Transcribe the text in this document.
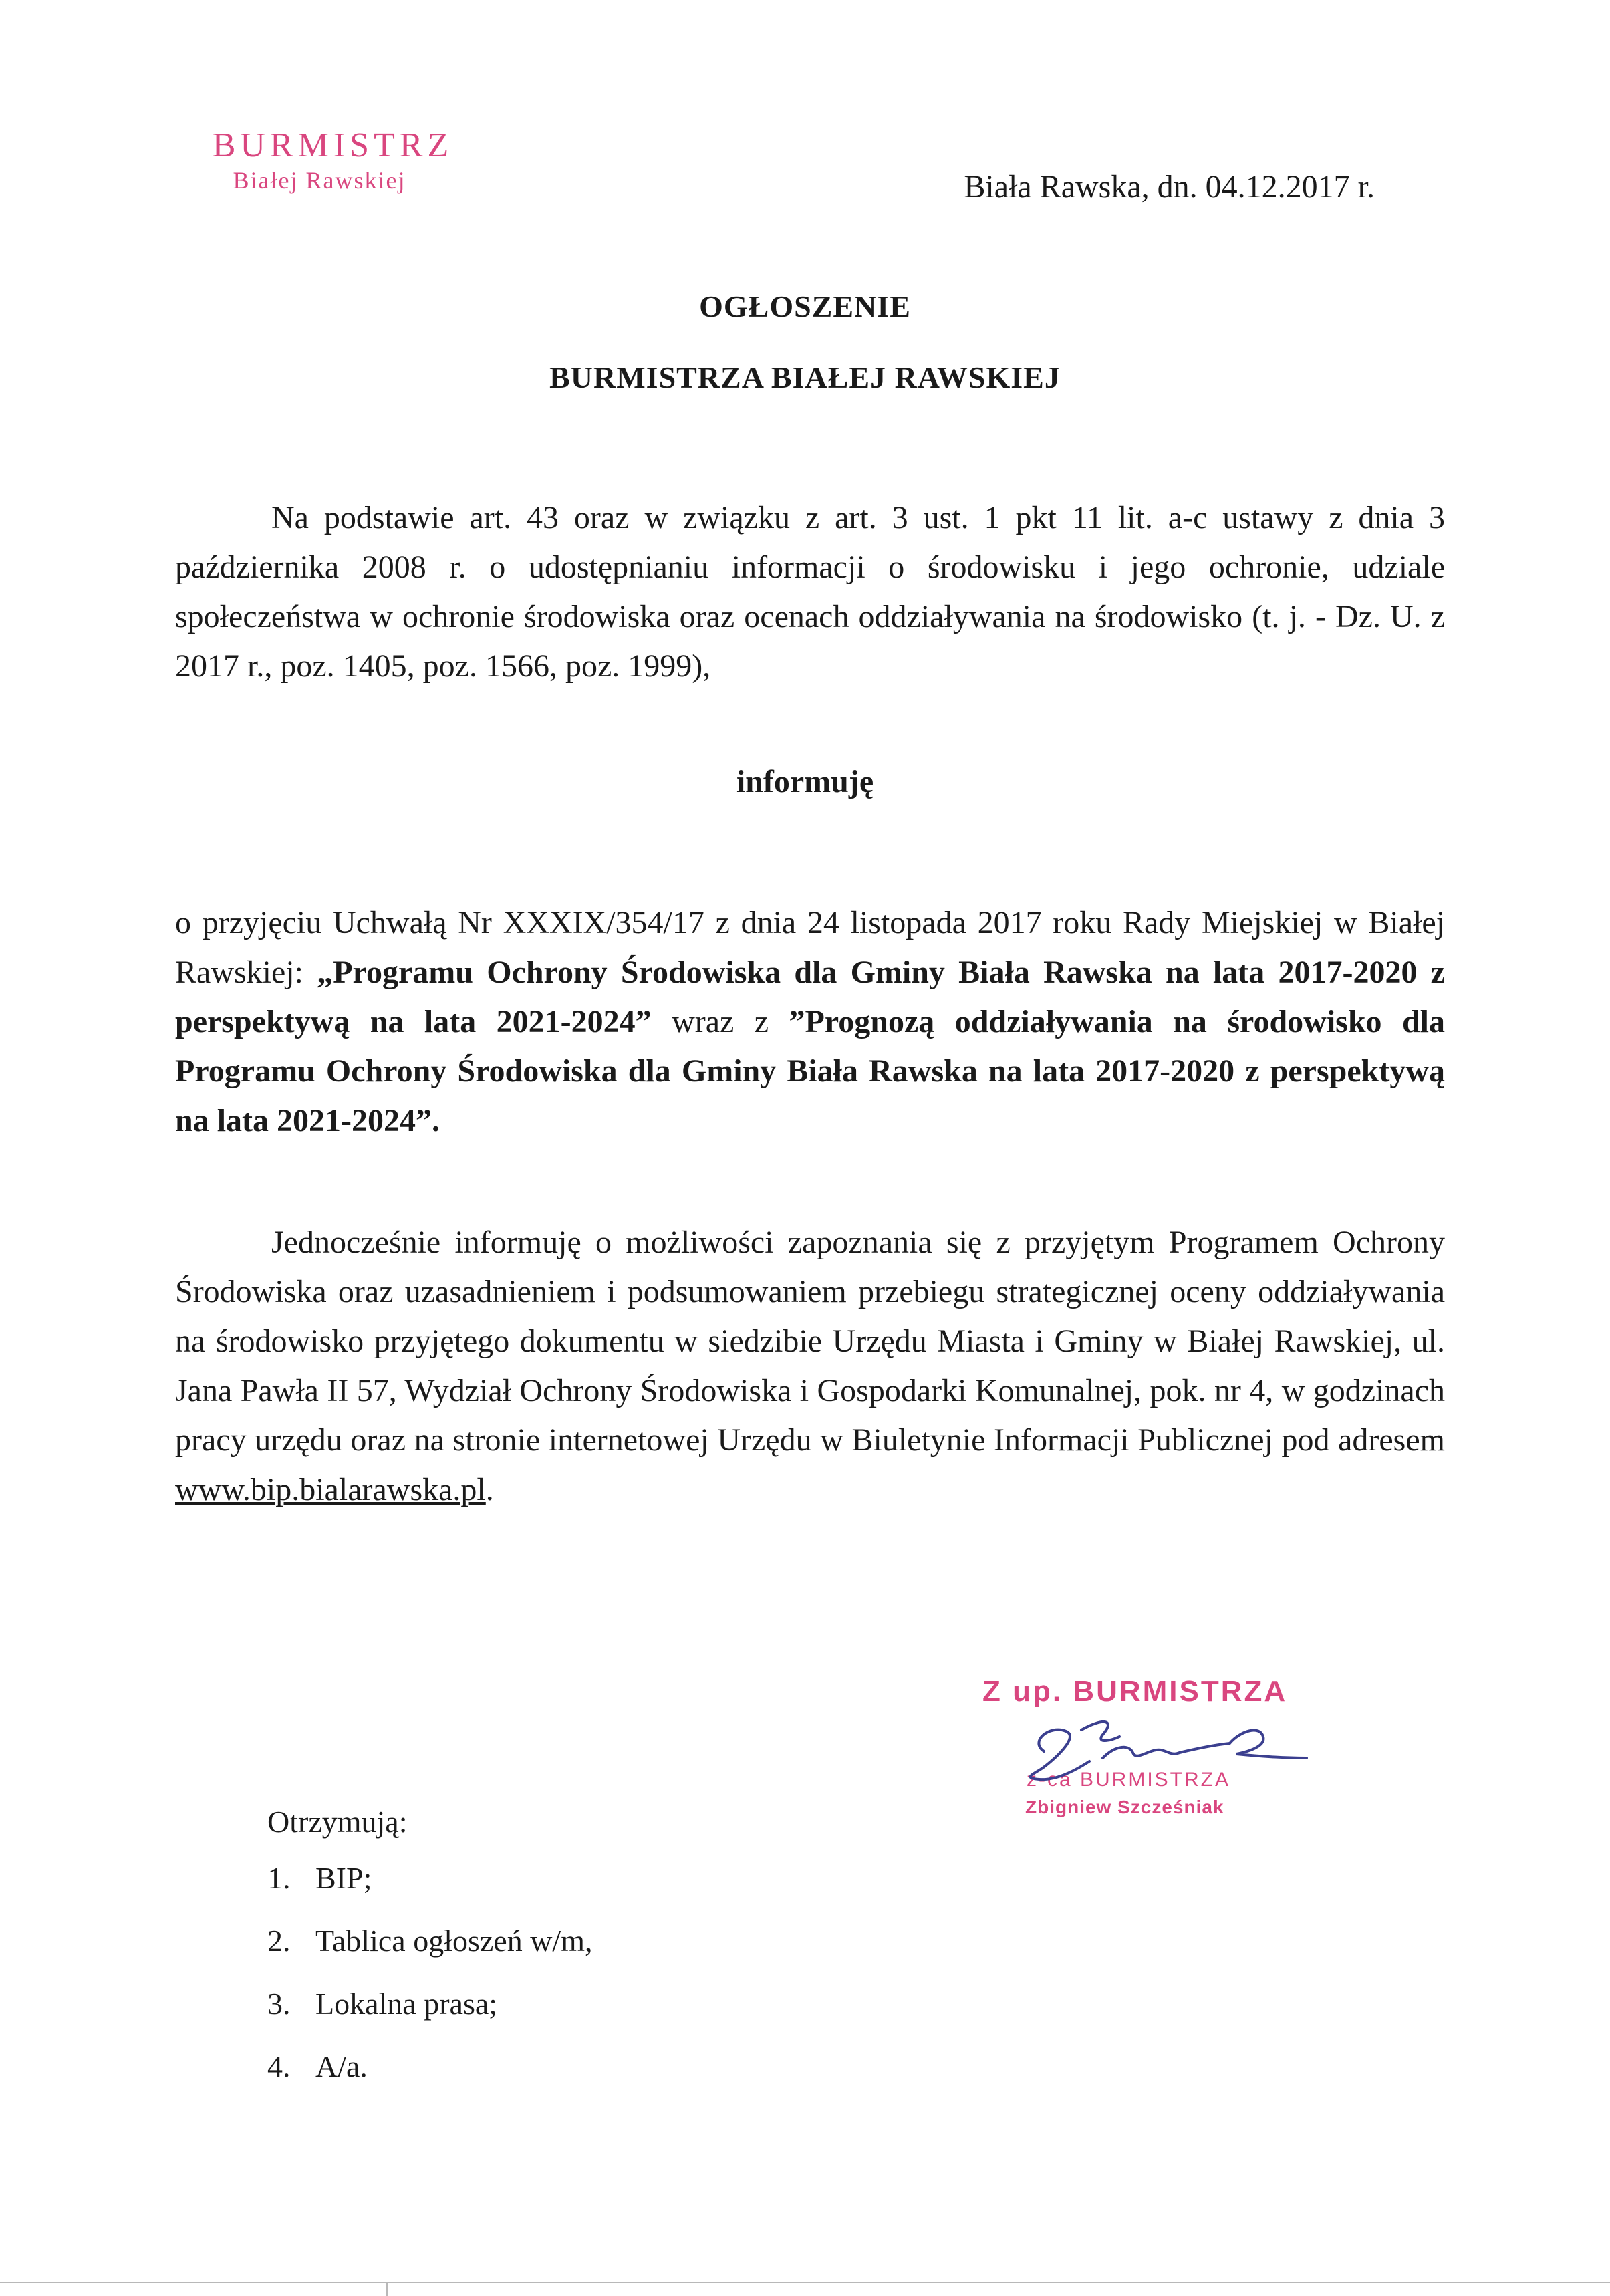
BURMISTRZ
Białej Rawskiej	Biała Rawska, dn. 04.12.2017 r.
OGŁOSZENIE
BURMISTRZA BIAŁEJ RAWSKIEJ

Na podstawie art. 43 oraz w związku z art. 3 ust. 1 pkt 11 lit. a-c ustawy z dnia 3 października 2008 r. o udostępnianiu informacji o środowisku i jego ochronie, udziale społeczeństwa w ochronie środowiska oraz ocenach oddziaływania na środowisko (t. j. - Dz. U. z 2017 r., poz. 1405, poz. 1566, poz. 1999),

informuję

o przyjęciu Uchwałą Nr XXXIX/354/17 z dnia 24 listopada 2017 roku Rady Miejskiej w Białej Rawskiej: „Programu Ochrony Środowiska dla Gminy Biała Rawska na lata 2017-2020 z perspektywą na lata 2021-2024” wraz z ”Prognozą oddziaływania na środowisko dla Programu Ochrony Środowiska dla Gminy Biała Rawska na lata 2017-2020 z perspektywą na lata 2021-2024”.

Jednocześnie informuję o możliwości zapoznania się z przyjętym Programem Ochrony Środowiska oraz uzasadnieniem i podsumowaniem przebiegu strategicznej oceny oddziaływania na środowisko przyjętego dokumentu w siedzibie Urzędu Miasta i Gminy w Białej Rawskiej, ul. Jana Pawła II 57, Wydział Ochrony Środowiska i Gospodarki Komunalnej, pok. nr 4, w godzinach pracy urzędu oraz na stronie internetowej Urzędu w Biuletynie Informacji Publicznej pod adresem www.bip.bialarawska.pl.

Z up. BURMISTRZA
z-ca BURMISTRZA
Zbigniew Szcześniak
Otrzymują:
1. BIP;
2. Tablica ogłoszeń w/m,
3. Lokalna prasa;
4. A/a.
